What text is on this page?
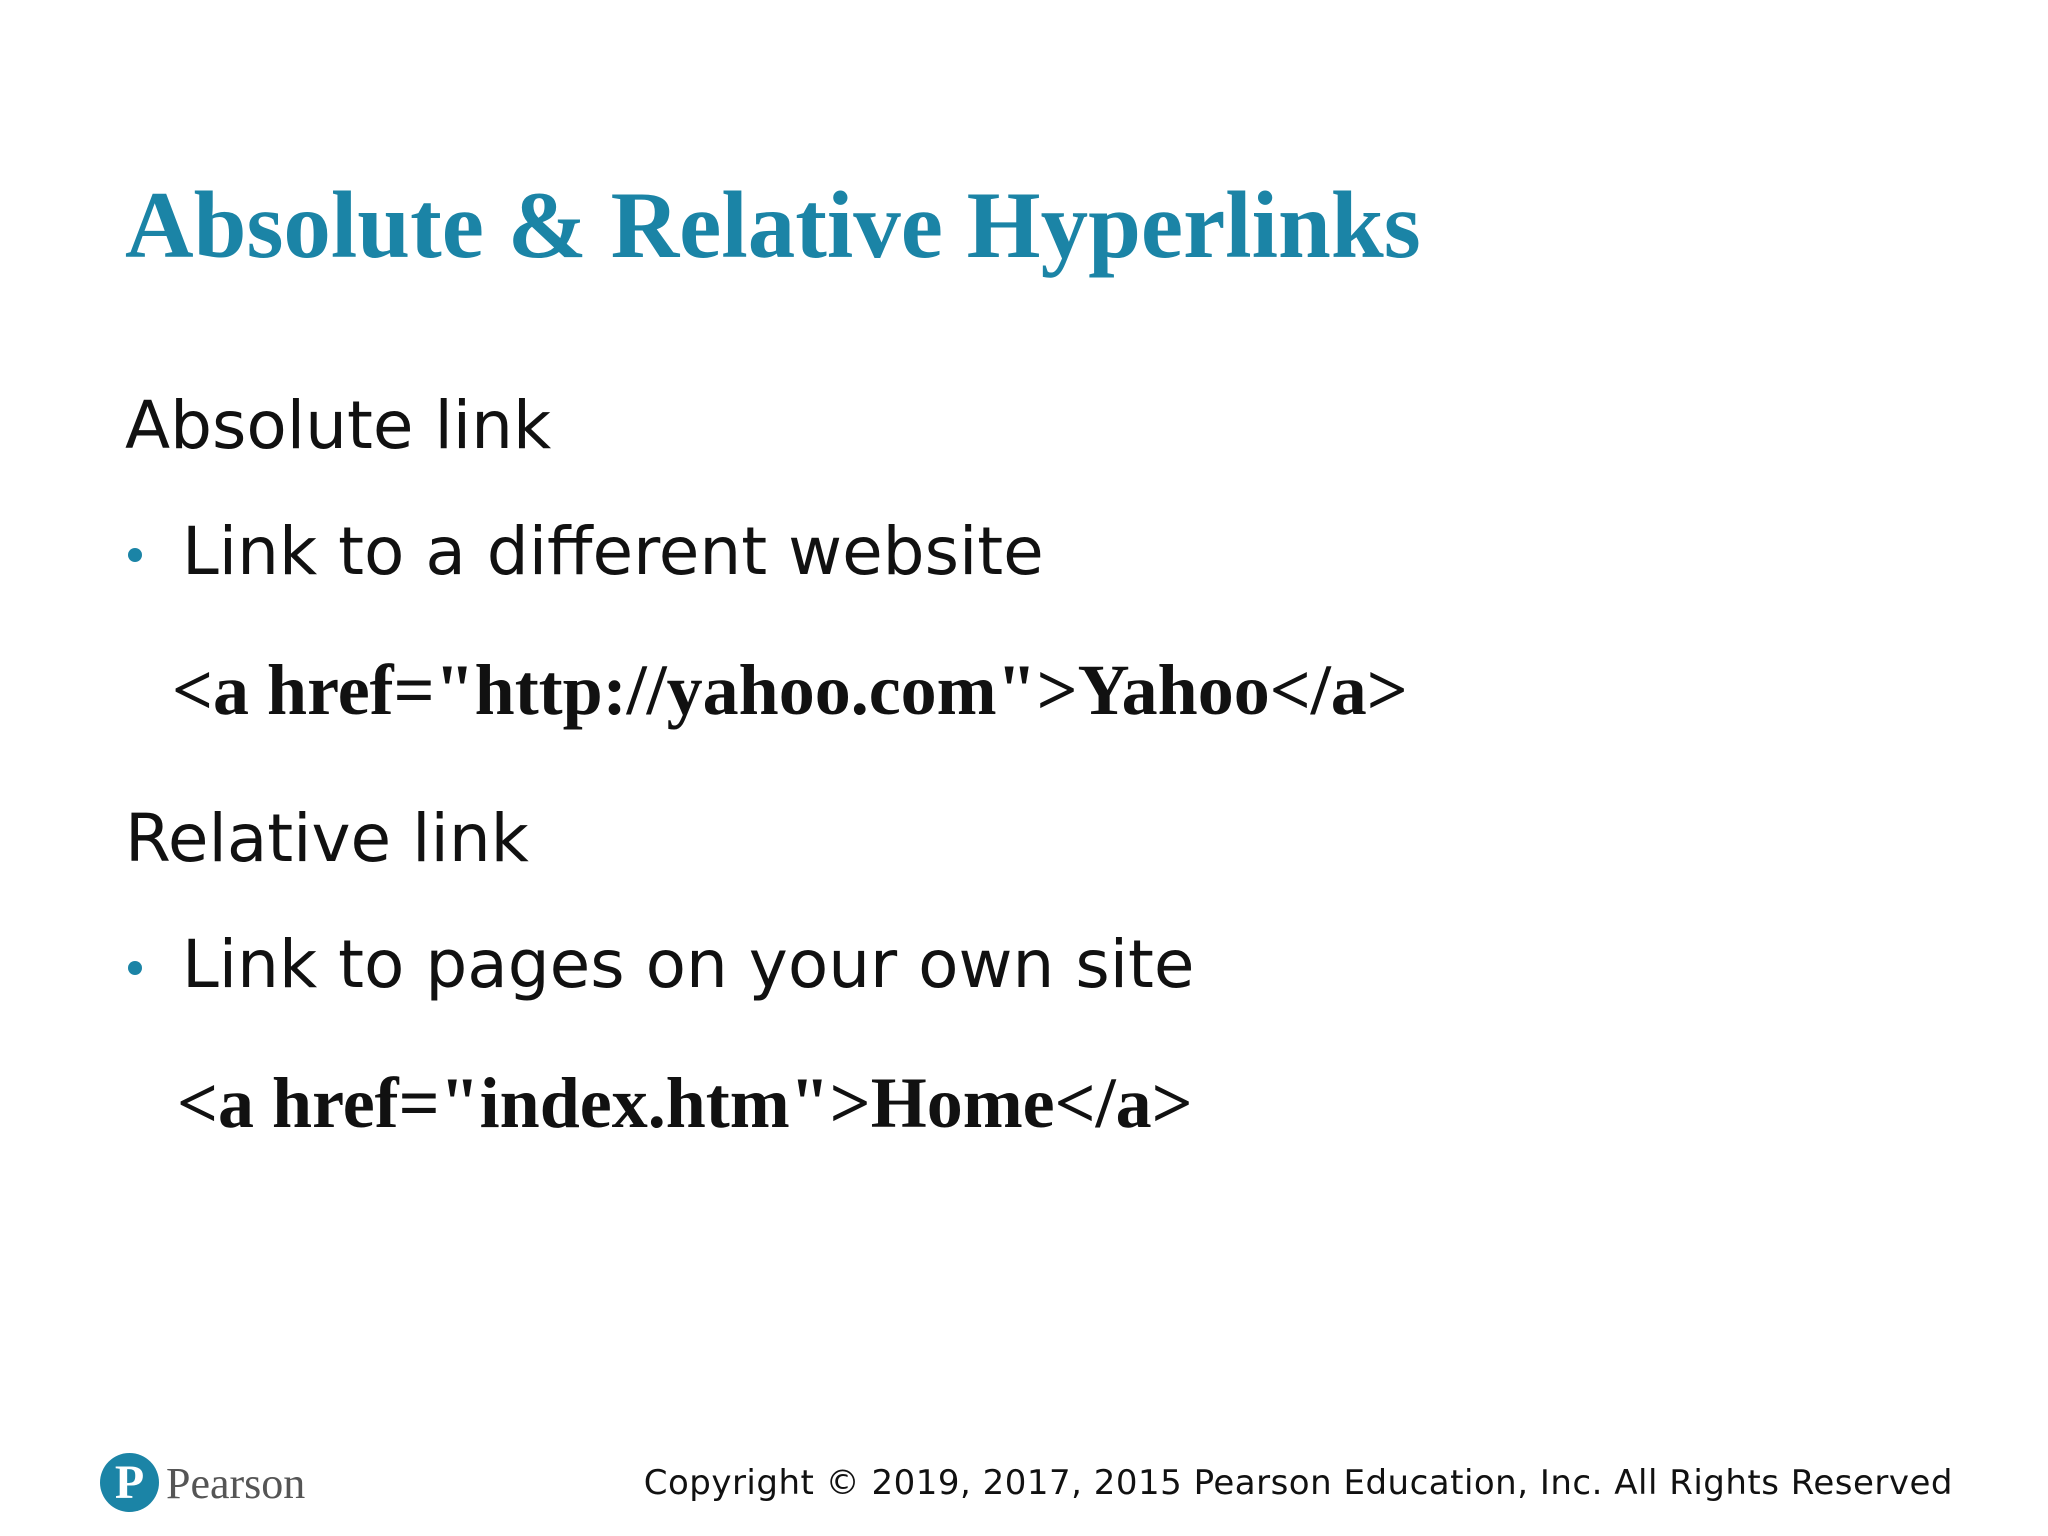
Absolute & Relative Hyperlinks

Absolute link

Link to a different website

<a href="http://yahoo.com">Yahoo</a>

Relative link

Link to pages on your own site

<a href="index.htm">Home</a>

P Pearson	Copyright © 2019, 2017, 2015 Pearson Education, Inc. All Rights Reserved
